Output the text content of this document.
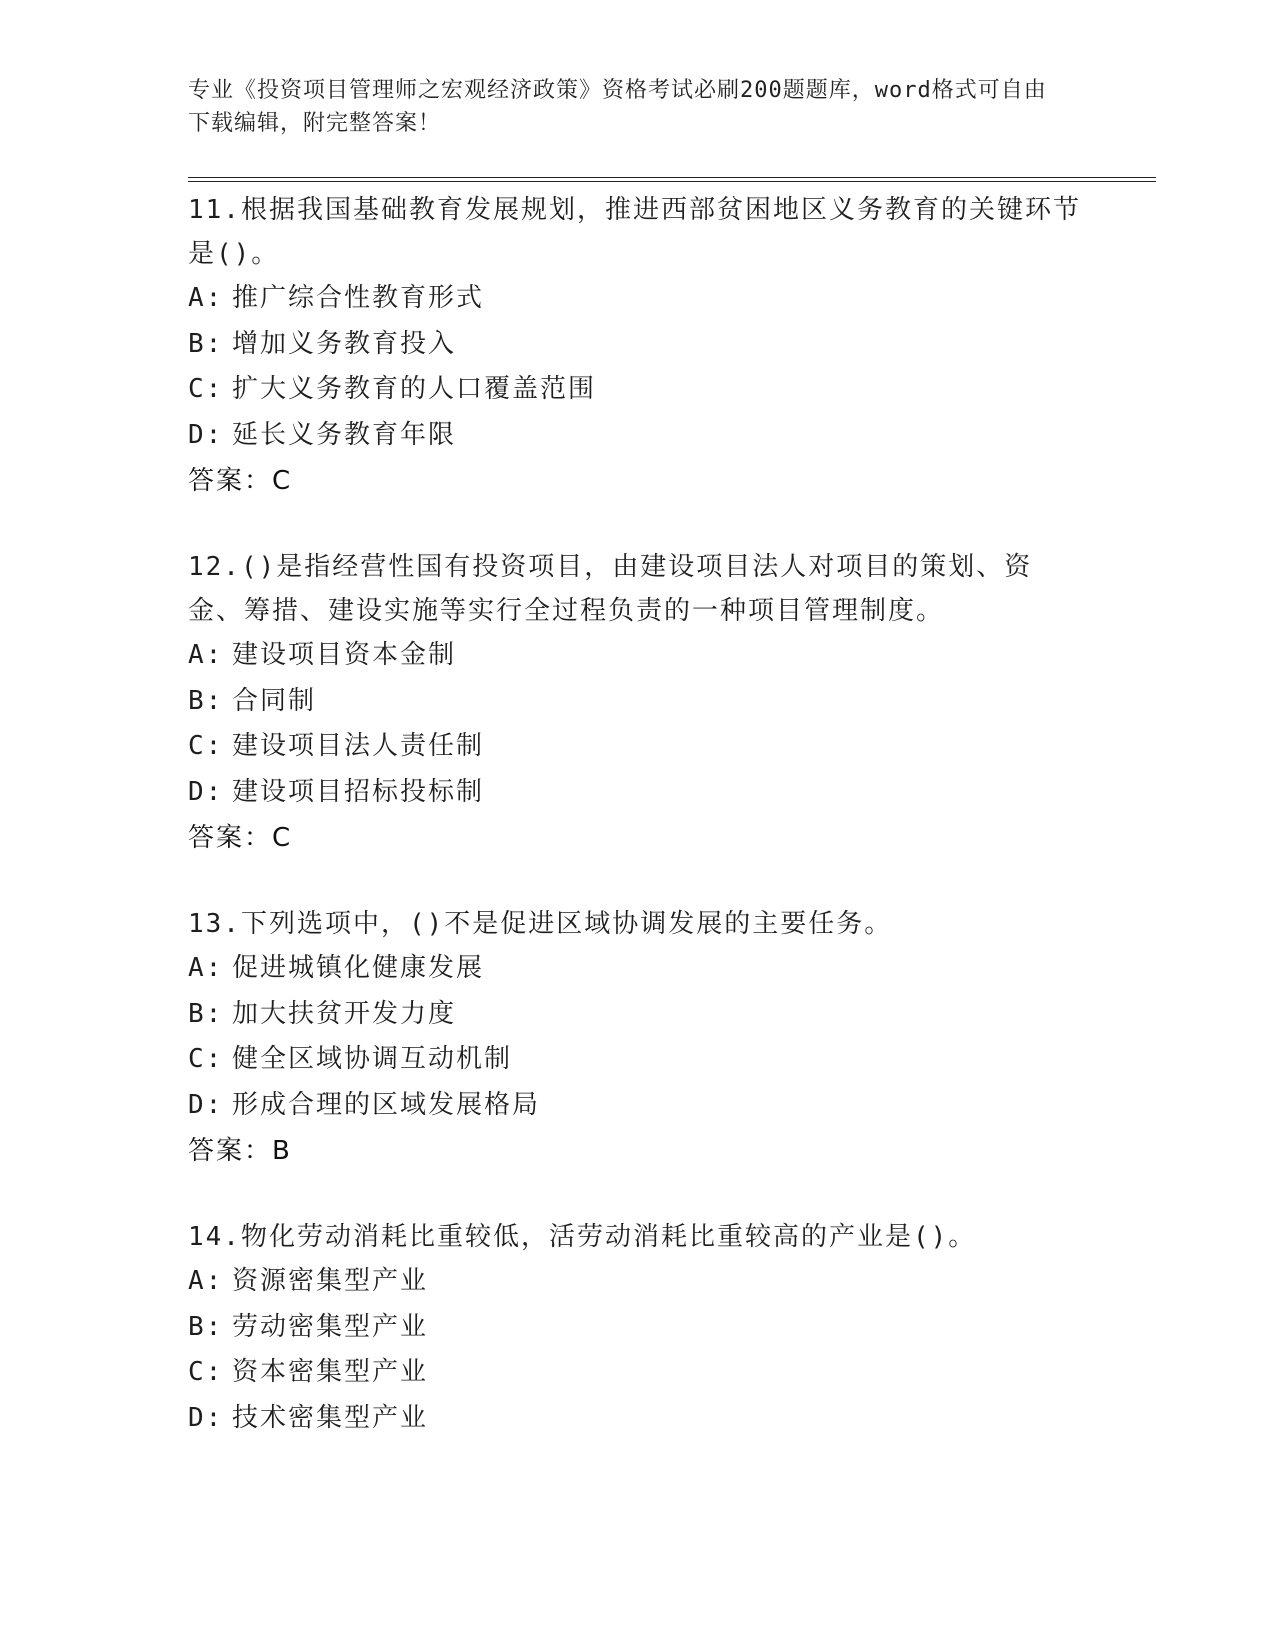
专业《投资项目管理师之宏观经济政策》资格考试必刷200题题库，word格式可自由下载编辑，附完整答案！

11.根据我国基础教育发展规划，推进西部贫困地区义务教育的关键环节是()。

A: 推广综合性教育形式
B: 增加义务教育投入
C: 扩大义务教育的人口覆盖范围
D: 延长义务教育年限
答案：C

12.()是指经营性国有投资项目，由建设项目法人对项目的策划、资金、筹措、建设实施等实行全过程负责的一种项目管理制度。

A: 建设项目资本金制
B: 合同制
C: 建设项目法人责任制
D: 建设项目招标投标制
答案：C

13.下列选项中，()不是促进区域协调发展的主要任务。

A: 促进城镇化健康发展
B: 加大扶贫开发力度
C: 健全区域协调互动机制
D: 形成合理的区域发展格局
答案：B

14.物化劳动消耗比重较低，活劳动消耗比重较高的产业是()。

A: 资源密集型产业
B: 劳动密集型产业
C: 资本密集型产业
D: 技术密集型产业
